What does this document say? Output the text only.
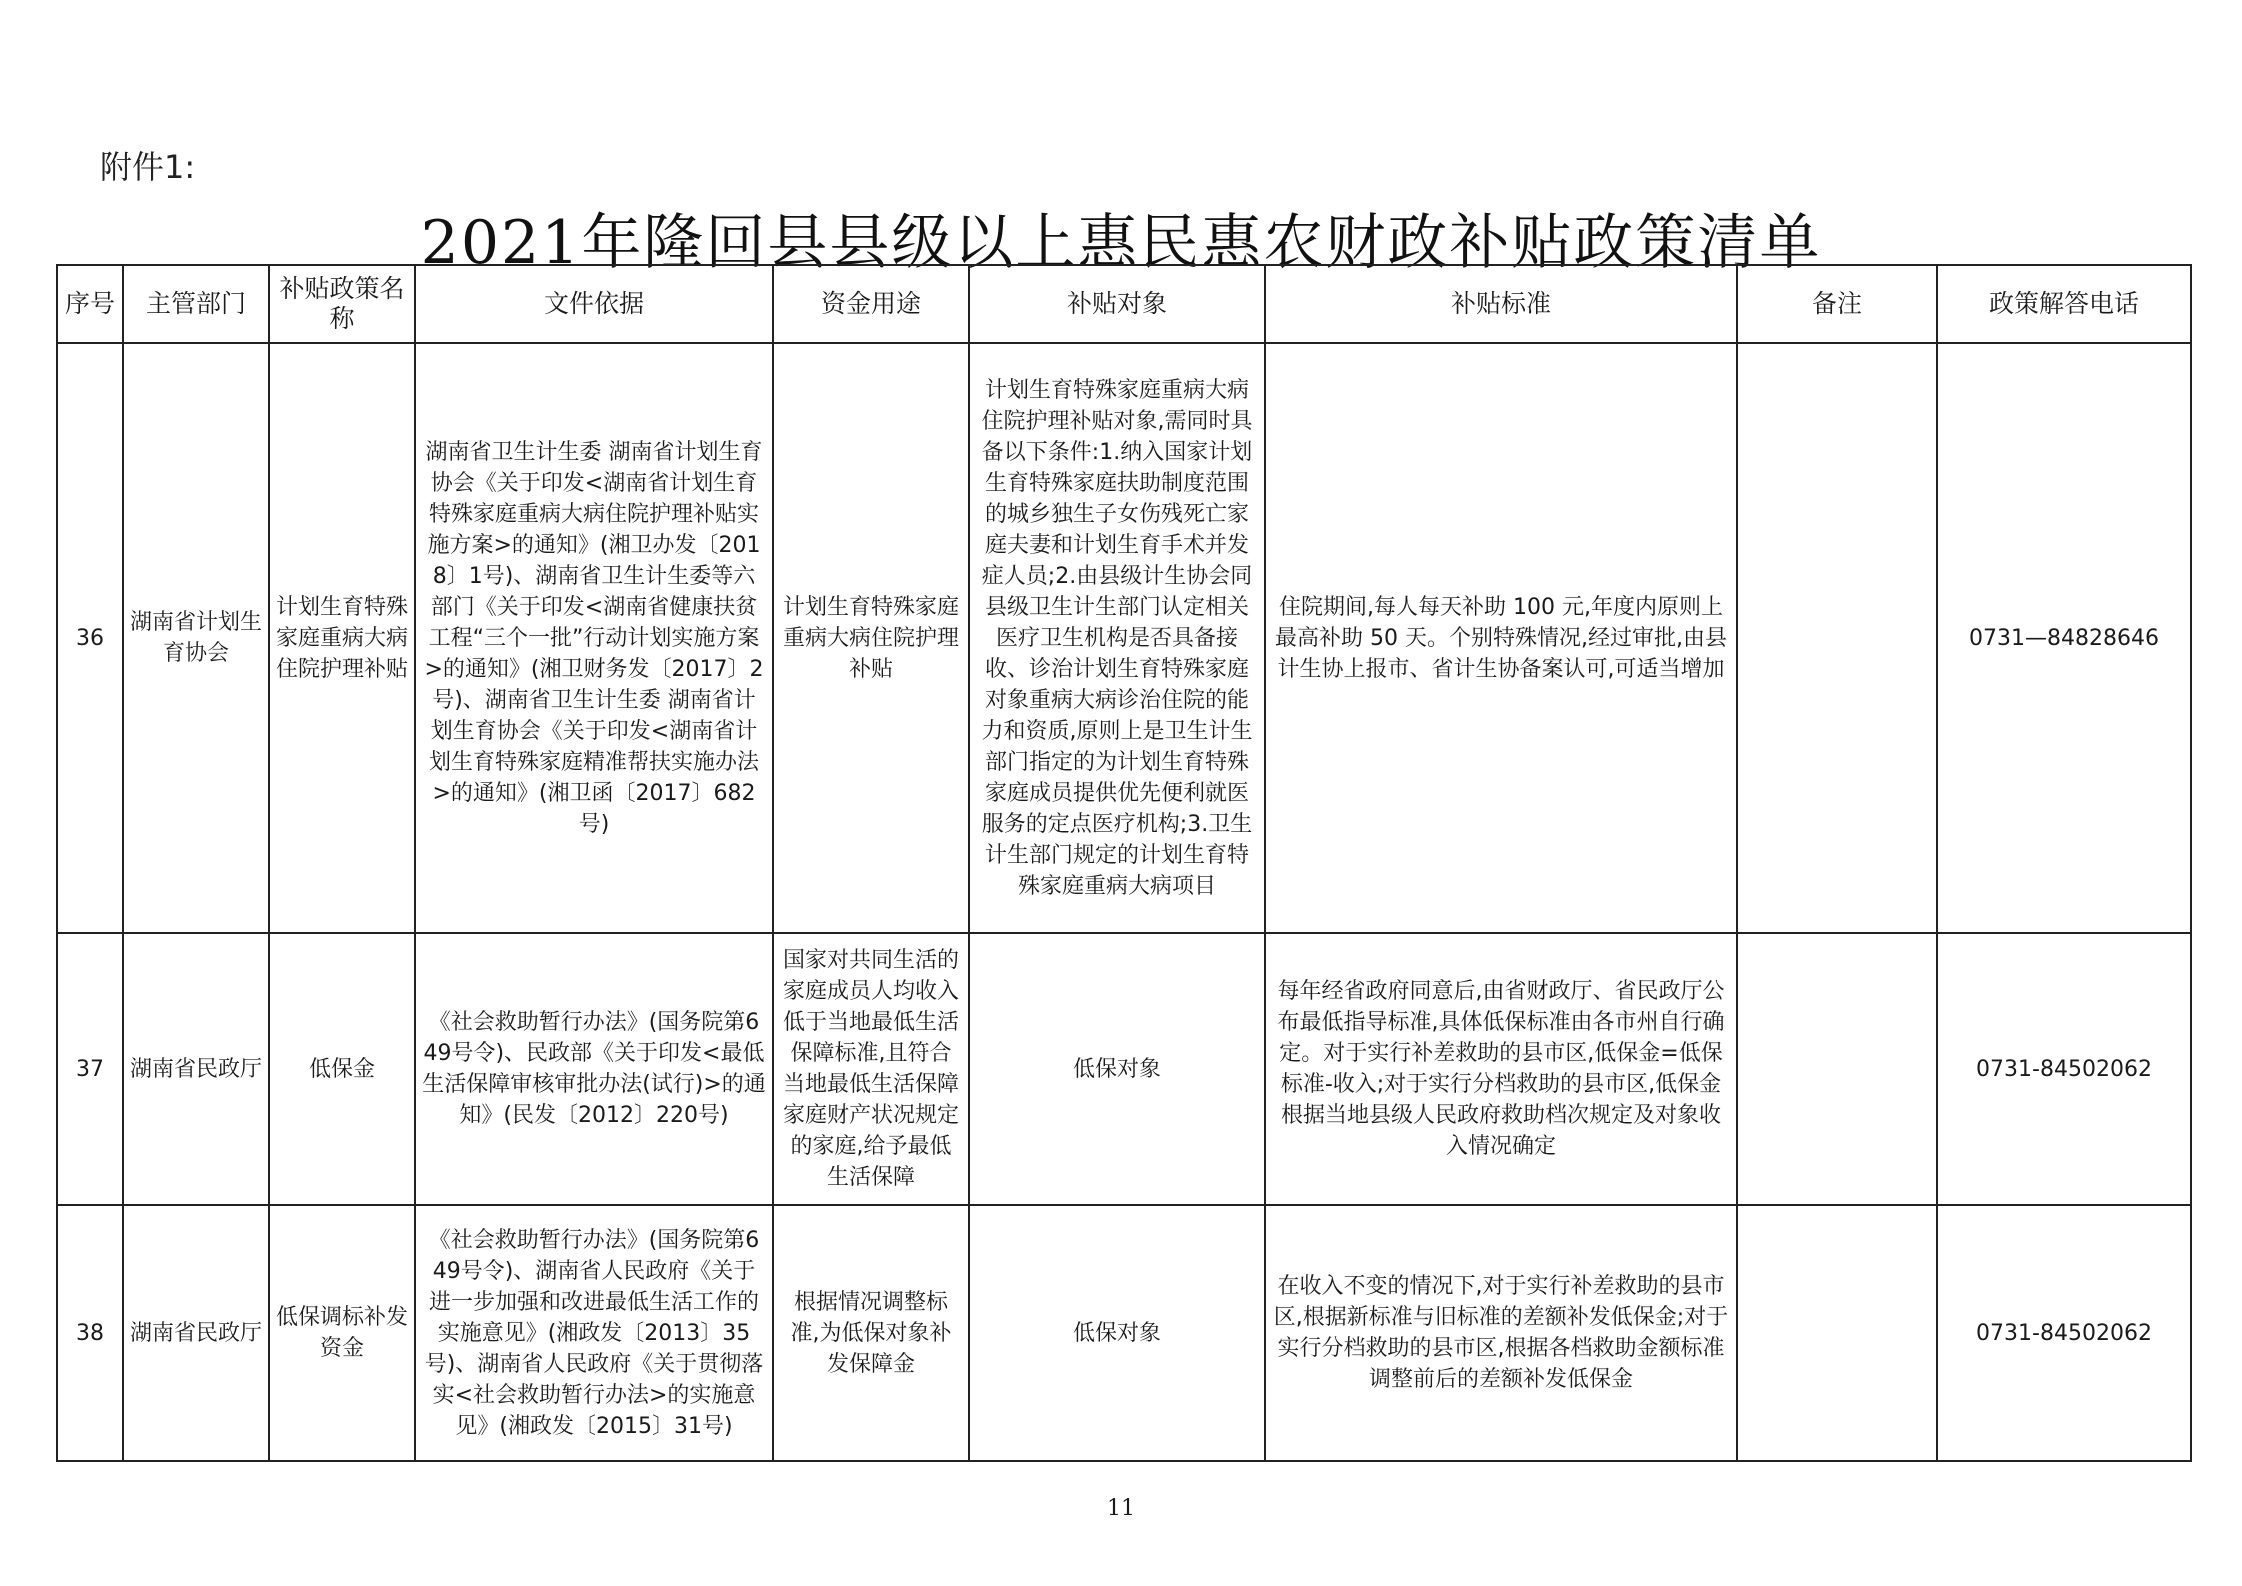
附件1:
2021年隆回县县级以上惠民惠农财政补贴政策清单
序号	主管部门	补贴政策名称	文件依据	资金用途	补贴对象	补贴标准	备注	政策解答电话
36	湖南省计划生育协会	计划生育特殊家庭重病大病住院护理补贴	湖南省卫生计生委 湖南省计划生育协会《关于印发<湖南省计划生育特殊家庭重病大病住院护理补贴实施方案>的通知》(湘卫办发〔2018〕1号)、湖南省卫生计生委等六部门《关于印发<湖南省健康扶贫工程“三个一批”行动计划实施方案>的通知》(湘卫财务发〔2017〕2号)、湖南省卫生计生委 湖南省计划生育协会《关于印发<湖南省计划生育特殊家庭精准帮扶实施办法>的通知》(湘卫函〔2017〕682号)	计划生育特殊家庭重病大病住院护理补贴	计划生育特殊家庭重病大病住院护理补贴对象,需同时具备以下条件:1.纳入国家计划生育特殊家庭扶助制度范围的城乡独生子女伤残死亡家庭夫妻和计划生育手术并发症人员;2.由县级计生协会同县级卫生计生部门认定相关医疗卫生机构是否具备接收、诊治计划生育特殊家庭对象重病大病诊治住院的能力和资质,原则上是卫生计生部门指定的为计划生育特殊家庭成员提供优先便利就医服务的定点医疗机构;3.卫生计生部门规定的计划生育特殊家庭重病大病项目	住院期间,每人每天补助 100 元,年度内原则上最高补助 50 天。个别特殊情况,经过审批,由县计生协上报市、省计生协备案认可,可适当增加		0731—84828646
37	湖南省民政厅	低保金	《社会救助暂行办法》(国务院第649号令)、民政部《关于印发<最低生活保障审核审批办法(试行)>的通知》(民发〔2012〕220号)	国家对共同生活的家庭成员人均收入低于当地最低生活保障标准,且符合当地最低生活保障家庭财产状况规定的家庭,给予最低生活保障	低保对象	每年经省政府同意后,由省财政厅、省民政厅公布最低指导标准,具体低保标准由各市州自行确定。对于实行补差救助的县市区,低保金=低保标准-收入;对于实行分档救助的县市区,低保金根据当地县级人民政府救助档次规定及对象收入情况确定		0731-84502062
38	湖南省民政厅	低保调标补发资金	《社会救助暂行办法》(国务院第649号令)、湖南省人民政府《关于进一步加强和改进最低生活工作的实施意见》(湘政发〔2013〕35号)、湖南省人民政府《关于贯彻落实<社会救助暂行办法>的实施意见》(湘政发〔2015〕31号)	根据情况调整标准,为低保对象补发保障金	低保对象	在收入不变的情况下,对于实行补差救助的县市区,根据新标准与旧标准的差额补发低保金;对于实行分档救助的县市区,根据各档救助金额标准调整前后的差额补发低保金		0731-84502062
11
